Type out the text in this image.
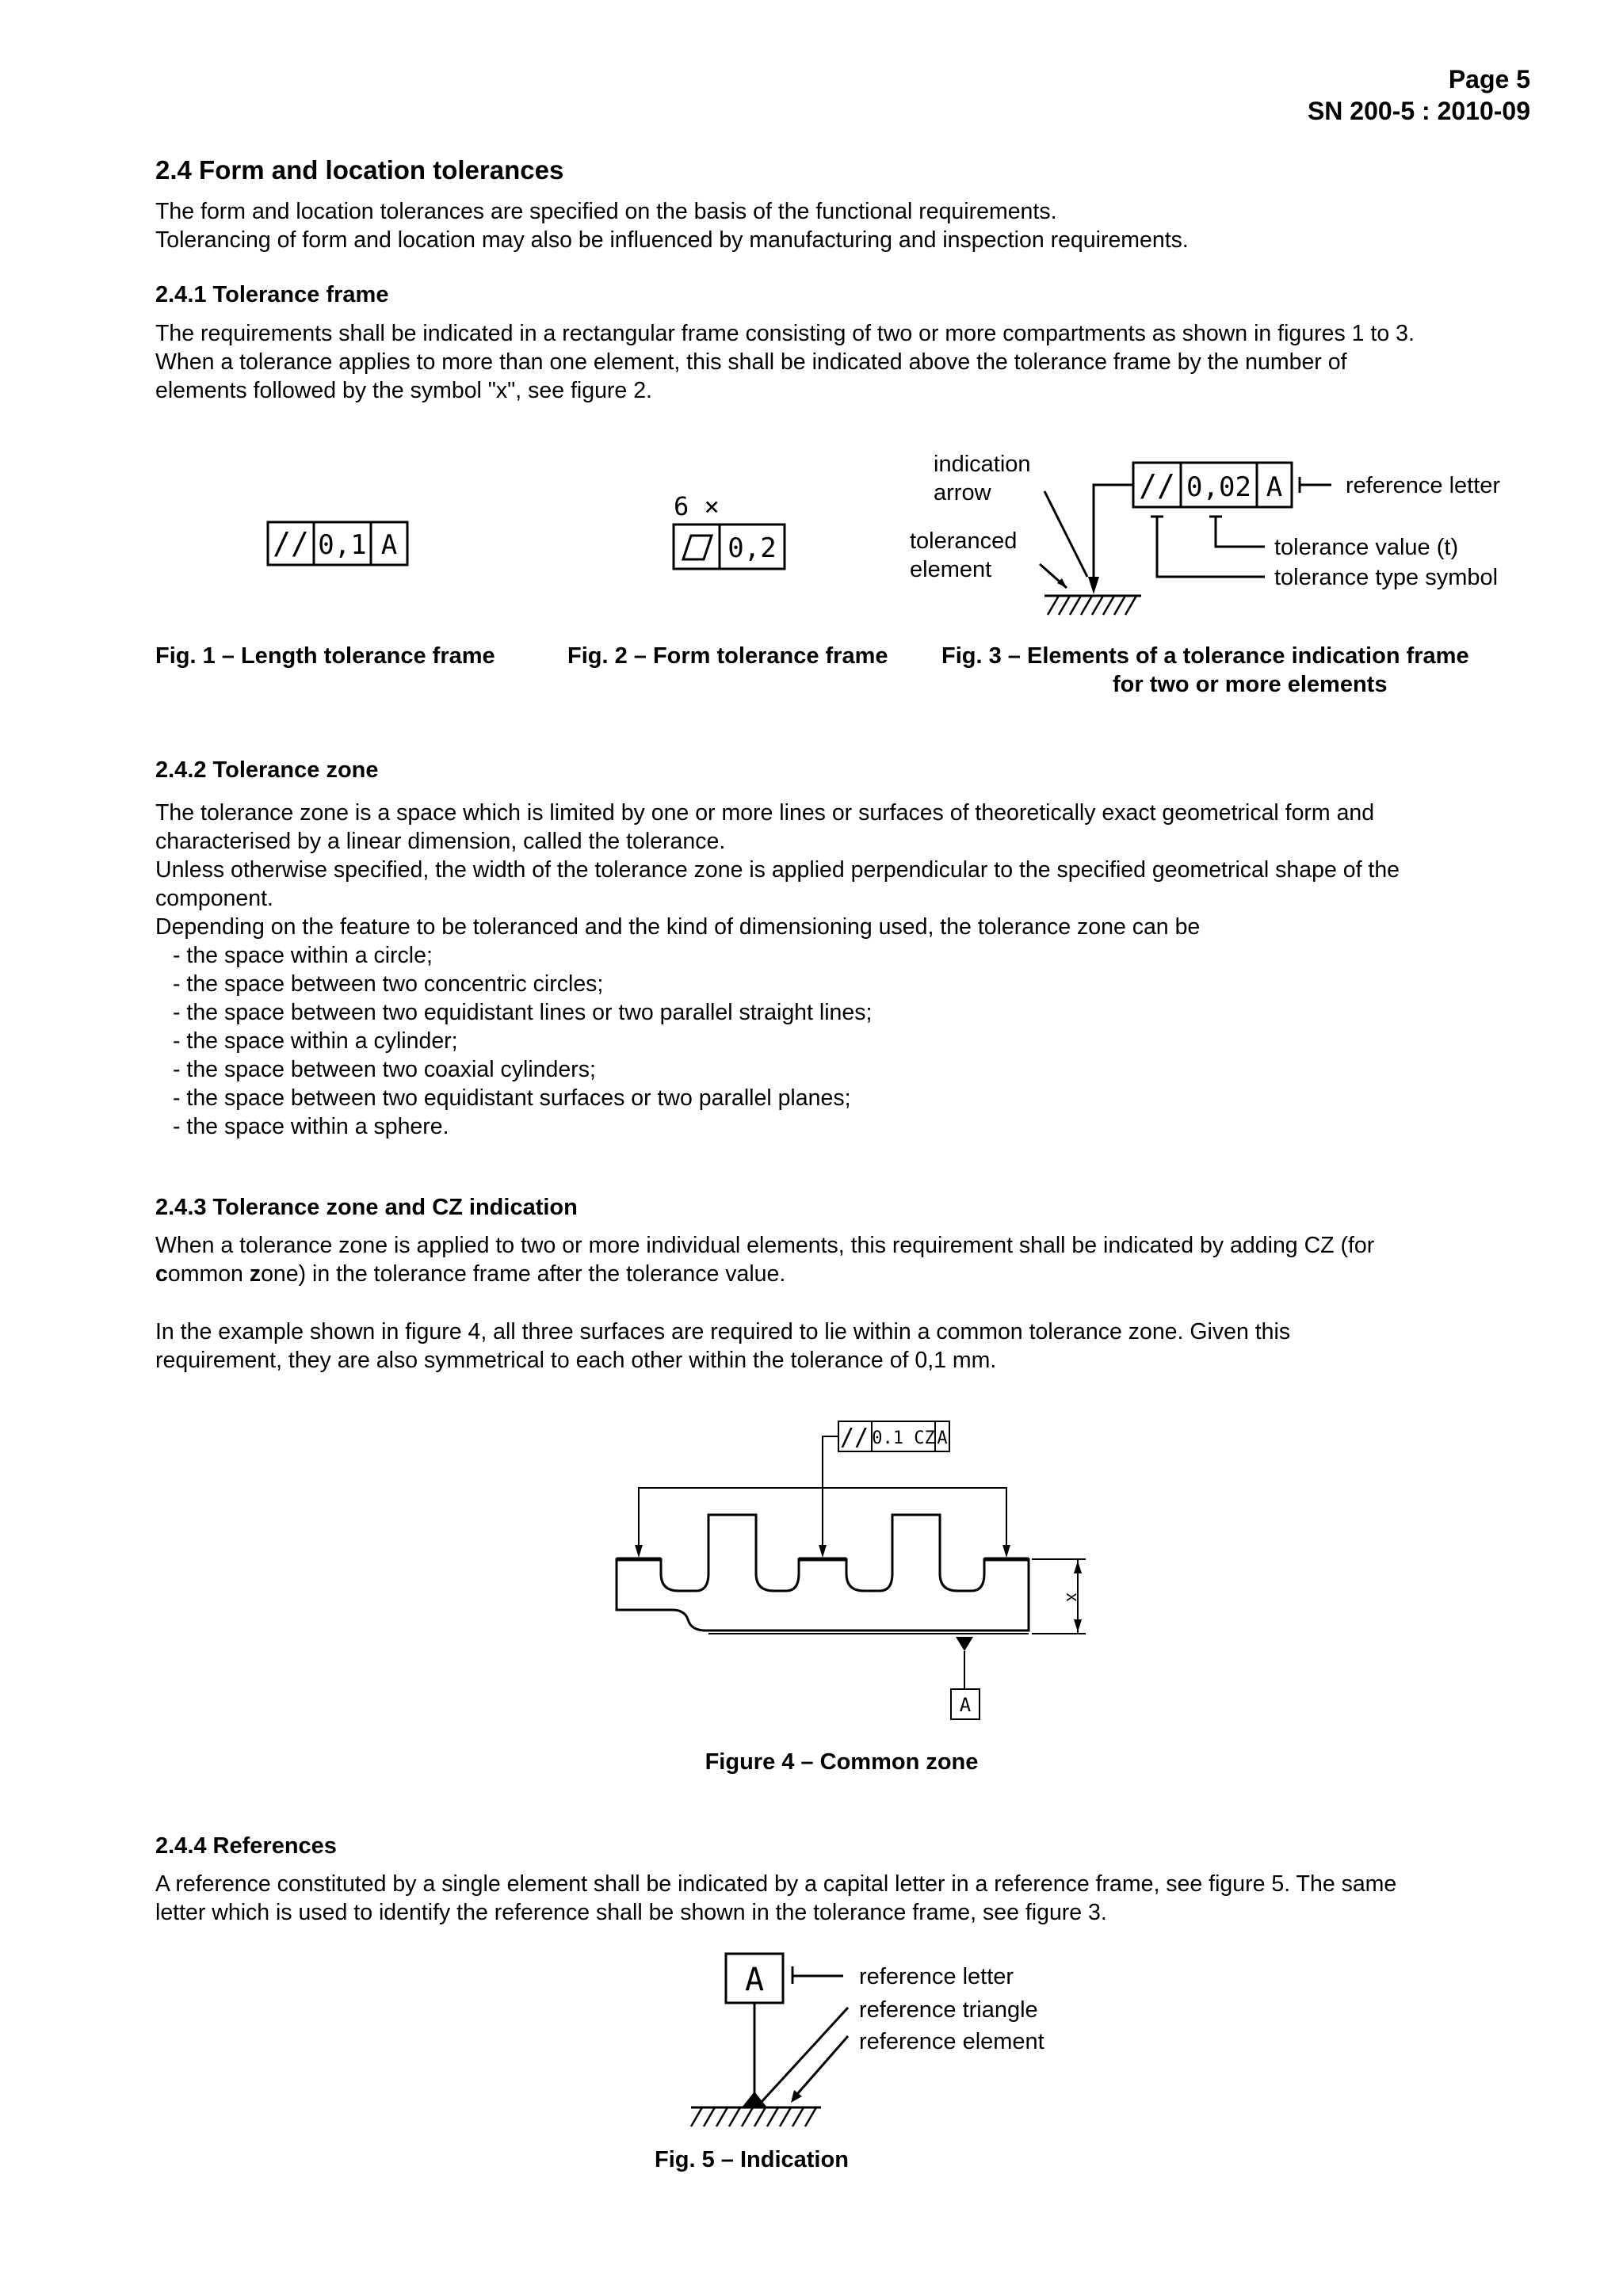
Page 5
SN 200-5 : 2010-09
2.4 Form and location tolerances

The form and location tolerances are specified on the basis of the functional requirements.

Tolerancing of form and location may also be influenced by manufacturing and inspection requirements.

2.4.1 Tolerance frame

The requirements shall be indicated in a rectangular frame consisting of two or more compartments as shown in figures 1 to 3.

When a tolerance applies to more than one element, this shall be indicated above the tolerance frame by the number of

elements followed by the symbol "x", see figure 2.

// 0,1 A
Fig. 1 – Length tolerance frame
6 ×
0,2
Fig. 2 – Form tolerance frame
indication
arrow
toleranced
element
// 0,02 A	reference letter
tolerance value (t)
tolerance type symbol
Fig. 3 – Elements of a tolerance indication frame
for two or more elements
2.4.2 Tolerance zone

The tolerance zone is a space which is limited by one or more lines or surfaces of theoretically exact geometrical form and

characterised by a linear dimension, called the tolerance.

Unless otherwise specified, the width of the tolerance zone is applied perpendicular to the specified geometrical shape of the

component.

Depending on the feature to be toleranced and the kind of dimensioning used, the tolerance zone can be

- the space within a circle;
- the space between two concentric circles;
- the space between two equidistant lines or two parallel straight lines;
- the space within a cylinder;
- the space between two coaxial cylinders;
- the space between two equidistant surfaces or two parallel planes;
- the space within a sphere.
2.4.3 Tolerance zone and CZ indication

When a tolerance zone is applied to two or more individual elements, this requirement shall be indicated by adding CZ (for

common zone) in the tolerance frame after the tolerance value.

In the example shown in figure 4, all three surfaces are required to lie within a common tolerance zone. Given this

requirement, they are also symmetrical to each other within the tolerance of 0,1 mm.

// 0.1 CZ A
x
A
Figure 4 – Common zone
2.4.4 References

A reference constituted by a single element shall be indicated by a capital letter in a reference frame, see figure 5. The same

letter which is used to identify the reference shall be shown in the tolerance frame, see figure 3.

A	reference letter
reference triangle
reference element
Fig. 5 – Indication
